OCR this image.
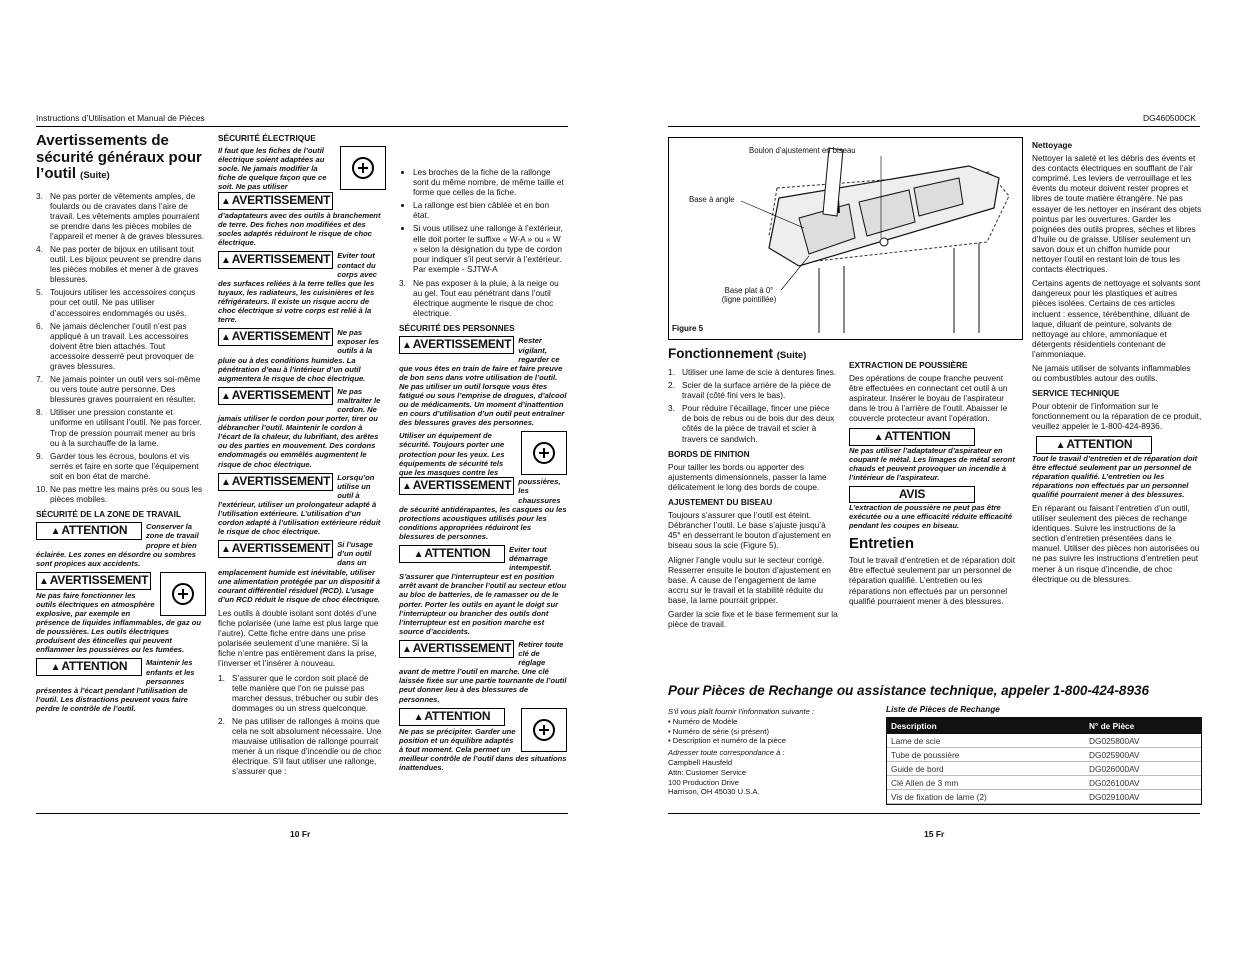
Instructions d’Utilisation et Manual de Pièces	DG460500CK
Avertissements de sécurité généraux pour l’outil (Suite)
3. Ne pas porter de vêtements amples, de foulards ou de cravates dans l’aire de travail. Les vêtements amples pourraient se prendre dans les pièces mobiles de l’appareil et mener à de graves blessures.
4. Ne pas porter de bijoux en utilisant tout outil. Les bijoux peuvent se prendre dans les pièces mobiles et mener à de graves blessures.
5. Toujours utiliser les accessoires conçus pour cet outil. Ne pas utiliser d’accessoires endommagés ou usés.
6. Ne jamais déclencher l’outil n’est pas appliqué à un travail. Les accessoires doivent être bien attachés. Tout accessoire desserré peut provoquer de graves blessures.
7. Ne jamais pointer un outil vers soi-même ou vers toute autre personne. Des blessures graves pourraient en résulter.
8. Utiliser une pression constante et uniforme en utilisant l’outil. Ne pas forcer. Trop de pression pourrait mener au bris ou à la surchauffe de la lame.
9. Garder tous les écrous, boulons et vis serrés et faire en sorte que l’équipement soit en bon état de marche.
10. Ne pas mettre les mains près ou sous les pièces mobiles.
SÉCURITÉ DE LA ZONE DE TRAVAIL
▲ATTENTION	Conserver la zone de travail propre et bien éclairée. Les zones en désordre ou sombres sont propices aux accidents.
▲AVERTISSEMENT
Ne pas faire fonctionner les outils électriques en atmosphère explosive, par exemple en présence de liquides inflammables, de gaz ou de poussières. Les outils électriques produisent des étincelles qui peuvent enflammer les poussières ou les fumées.
▲ATTENTION	Maintenir les enfants et les personnes présentes à l’écart pendant l’utilisation de l’outil. Les distractions peuvent vous faire perdre le contrôle de l’outil.
SÉCURITÉ ÉLECTRIQUE
▲AVERTISSEMENT
Il faut que les fiches de l’outil électrique soient adaptées au socle. Ne jamais modifier la fiche de quelque façon que ce soit. Ne pas utiliser d’adaptateurs avec des outils à branchement de terre. Des fiches non modifiées et des socles adaptés réduiront le risque de choc électrique.
▲AVERTISSEMENT Eviter tout contact du corps avec des surfaces reliées à la terre telles que les tuyaux, les radiateurs, les cuisinières et les réfrigérateurs. Il existe un risque accru de choc électrique si votre corps est relié à la terre.
▲AVERTISSEMENT Ne pas exposer les outils à la pluie ou à des conditions humides. La pénétration d’eau à l’intérieur d’un outil augmentera le risque de choc électrique.
▲AVERTISSEMENT Ne pas maltraiter le cordon. Ne jamais utiliser le cordon pour porter, tirer ou débrancher l’outil. Maintenir le cordon à l’écart de la chaleur, du lubrifiant, des arêtes ou des parties en mouvement. Des cordons endommagés ou emmêlés augmentent le risque de choc électrique.
▲AVERTISSEMENT Lorsqu’on utilise un outil à l’extérieur, utiliser un prolongateur adapté à l’utilisation extérieure. L’utilisation d’un cordon adapté à l’utilisation extérieure réduit le risque de choc électrique.
▲AVERTISSEMENT Si l’usage d’un outil dans un emplacement humide est inévitable, utiliser une alimentation protégée par un dispositif à courant différentiel résiduel (RCD). L’usage d’un RCD réduit le risque de choc électrique.

Les outils à double isolant sont dotés d’une fiche polarisée (une lame est plus large que l’autre). Cette fiche entre dans une prise polarisée seulement d’une manière. Si la fiche n’entre pas entièrement dans la prise, l’inverser et l’insérer à nouveau.

1. S’assurer que le cordon soit placé de telle manière que l’on ne puisse pas marcher dessus, trébucher ou subir des dommages ou un stress quelconque.
2. Ne pas utiliser de rallonges à moins que cela ne soit absolument nécessaire. Une mauvaise utilisation de rallonge pourrait mener à un risque d’incendie ou de choc électrique. S’il faut utiliser une rallonge, s’assurer que :
• Les broches de la fiche de la rallonge sont du même nombre, de même taille et forme que celles de la fiche.
• La rallonge est bien câblée et en bon état.
• Si vous utilisez une rallonge à l’extérieur, elle doit porter le suffixe « W-A » ou « W » selon la désignation du type de cordon pour indiquer s’il peut servir à l’extérieur. Par exemple - SJTW-A
3. Ne pas exposer à la pluie, à la neige ou au gel. Tout eau pénétrant dans l’outil électrique augmente le risque de choc électrique.
SÉCURITÉ DES PERSONNES
▲AVERTISSEMENT Rester vigilant, regarder ce que vous êtes en train de faire et faire preuve de bon sens dans votre utilisation de l’outil. Ne pas utiliser un outil lorsque vous êtes fatigué ou sous l’emprise de drogues, d’alcool ou de médicaments. Un moment d’inattention en cours d’utilisation d’un outil peut entraîner des blessures graves des personnes.
▲AVERTISSEMENT
Utiliser un équipement de sécurité. Toujours porter une protection pour les yeux. Les équipements de sécurité tels que les masques contre les poussières, les chaussures de sécurité antidérapantes, les casques ou les protections acoustiques utilisés pour les conditions appropriées réduiront les blessures de personnes.
▲ATTENTION	Eviter tout démarrage intempestif. S’assurer que l’interrupteur est en position arrêt avant de brancher l’outil au secteur et/ou au bloc de batteries, de le ramasser ou de le porter. Porter les outils en ayant le doigt sur l’interrupteur ou brancher des outils dont l’interrupteur est en position marche est source d’accidents.
▲AVERTISSEMENT Retirer toute clé de réglage avant de mettre l’outil en marche. Une clé laissée fixée sur une partie tournante de l’outil peut donner lieu à des blessures de personnes.
▲ATTENTION
Ne pas se précipiter. Garder une position et un équilibre adaptés à tout moment. Cela permet un meilleur contrôle de l’outil dans des situations inattendues.
10 Fr
Boulon d’ajustement en biseau
Base à angle
Base plat à 0°
(ligne pointillée)
Figure 5
Fonctionnement (Suite)
1. Utiliser une lame de scie à dentures fines.
2. Scier de la surface arrière de la pièce de travail (côté fini vers le bas).
3. Pour réduire l’écaillage, fincer une pièce de bois de rebus ou de bois dur des deux côtés de la pièce de travail et scier à travers ce sandwich.
BORDS DE FINITION

Pour tailler les bords ou apporter des ajustements dimensionnels, passer la lame délicatement le long des bords de coupe.

AJUSTEMENT DU BISEAU

Toujours s’assurer que l’outil est éteint. Débrancher l’outil. Le base s’ajuste jusqu’à 45° en desserrant le bouton d’ajustement en biseau sous la scie (Figure 5).

Aligner l’angle voulu sur le secteur corrigé. Resserrer ensuite le bouton d’ajustement en base. À cause de l’engagement de lame accru sur le travail et la stabilité réduite du base, la lame pourrait gripper.

Garder la scie fixe et le base fermement sur la pièce de travail.

EXTRACTION DE POUSSIÈRE

Des opérations de coupe franche peuvent être effectuées en connectant cet outil à un aspirateur. Insérer le boyau de l’aspirateur dans le trou à l’arrière de l’outil. Abaisser le couvercle protecteur avant l’opération.

▲ATTENTION
Ne pas utiliser l’adaptateur d’aspirateur en coupant le métal. Les limages de métal seront chauds et peuvent provoquer un incendie à l’intérieur de l’aspirateur.
AVIS
L’extraction de poussière ne peut pas être exécutée ou a une efficacité réduite efficacité pendant les coupes en biseau.
Entretien

Tout le travail d’entretien et de réparation doit être effectué seulement par un personnel de réparation qualifié. L’entretien ou les réparations non effectués par un personnel qualifié pourraient mener à des blessures.

Nettoyage

Nettoyer la saleté et les débris des évents et des contacts électriques en soufflant de l’air comprimé. Les leviers de verrouillage et les évents du moteur doivent rester propres et libres de toute matière étrangère. Ne pas essayer de les nettoyer en insérant des objets pointus par les ouvertures. Garder les poignées des outils propres, sèches et libres d’huile ou de graisse. Utiliser seulement un savon doux et un chiffon humide pour nettoyer l’outil en restant loin de tous les contacts électriques.

Certains agents de nettoyage et solvants sont dangereux pour les plastiques et autres pièces isolées. Certains de ces articles incluent : essence, térébenthine, diluant de laque, diluant de peinture, solvants de nettoyage au chlore, ammoniaque et détergents résidentiels contenant de l’ammoniaque.

Ne jamais utiliser de solvants inflammables ou combustibles autour des outils.

SERVICE TECHNIQUE

Pour obtenir de l’information sur le fonctionnement ou la réparation de ce produit, veuillez appeler le 1-800-424-8936.

▲ATTENTION
Tout le travail d’entretien et de réparation doit être effectué seulement par un personnel de réparation qualifié. L’entretien ou les réparations non effectués par un personnel qualifié pourraient mener à des blessures.

En réparant ou faisant l’entretien d’un outil, utiliser seulement des pièces de rechange identiques. Suivre les instructions de la section d’entretien présentées dans le manuel. Utiliser des pièces non autorisées ou ne pas suivre les instructions d’entretien peut mener à un risque d’incendie, de choc électrique ou de blessures.

Pour Pièces de Rechange ou assistance technique, appeler 1-800-424-8936
S’il vous plaît fournir l’information suivante :
• Numéro de Modèle
• Numéro de série (si présent)
• Description et numéro de la pièce
Adresser toute correspondance à :
Campbell Hausfeld
Attn: Customer Service
100 Production Drive
Harrison, OH 45030 U.S.A.
Liste de Pièces de Rechange
Description	N° de Pièce
Lame de scie	DG025800AV
Tube de poussière	DG025900AV
Guide de bord	DG026000AV
Clé Allen de 3 mm	DG026100AV
Vis de fixation de lame (2)	DG029100AV
15 Fr
